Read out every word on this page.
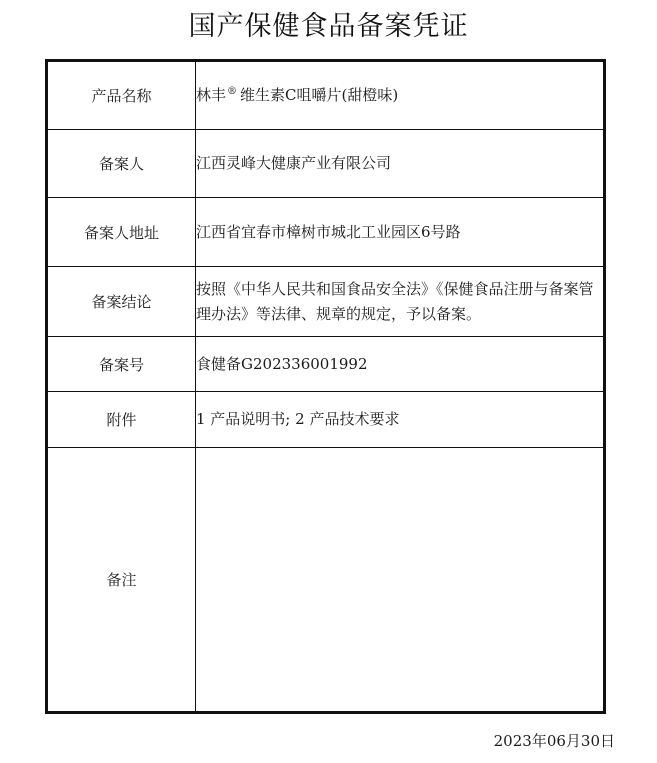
国产保健食品备案凭证
产品名称	林丰® 维生素C咀嚼片(甜橙味)
备案人	江西灵峰大健康产业有限公司
备案人地址	江西省宜春市樟树市城北工业园区6号路
备案结论	按照《中华人民共和国食品安全法》《保健食品注册与备案管理办法》等法律、规章的规定，予以备案。
备案号	食健备G202336001992
附件	1 产品说明书; 2 产品技术要求
备注	
2023年06月30日
